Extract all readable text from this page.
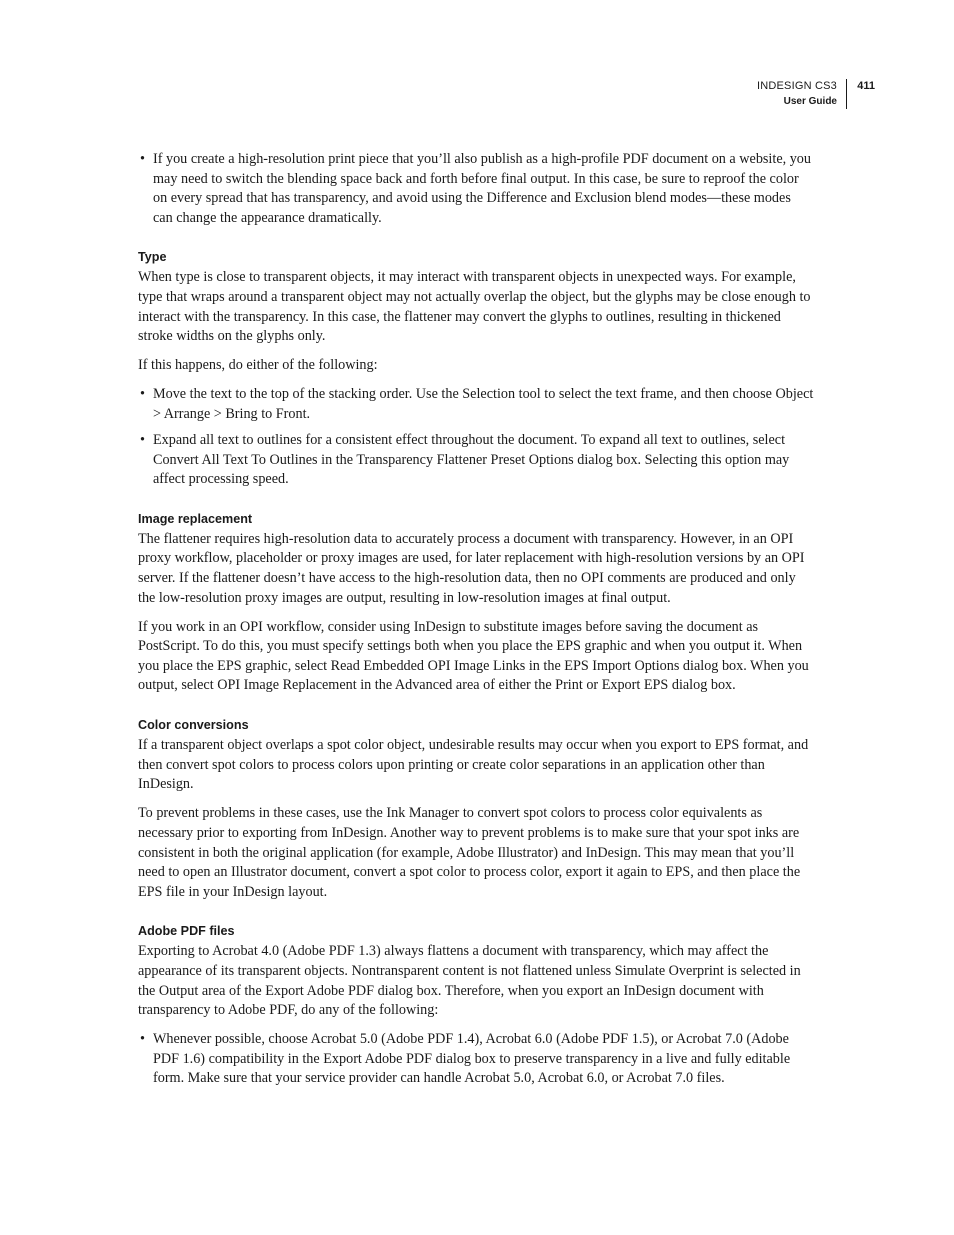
INDESIGN CS3
User Guide
411
• If you create a high-resolution print piece that you’ll also publish as a high-profile PDF document on a website, you may need to switch the blending space back and forth before final output. In this case, be sure to reproof the color on every spread that has transparency, and avoid using the Difference and Exclusion blend modes—these modes can change the appearance dramatically.
Type

When type is close to transparent objects, it may interact with transparent objects in unexpected ways. For example, type that wraps around a transparent object may not actually overlap the object, but the glyphs may be close enough to interact with the transparency. In this case, the flattener may convert the glyphs to outlines, resulting in thickened stroke widths on the glyphs only.

If this happens, do either of the following:

• Move the text to the top of the stacking order. Use the Selection tool to select the text frame, and then choose Object > Arrange > Bring to Front.
• Expand all text to outlines for a consistent effect throughout the document. To expand all text to outlines, select Convert All Text To Outlines in the Transparency Flattener Preset Options dialog box. Selecting this option may affect processing speed.
Image replacement

The flattener requires high-resolution data to accurately process a document with transparency. However, in an OPI proxy workflow, placeholder or proxy images are used, for later replacement with high-resolution versions by an OPI server. If the flattener doesn’t have access to the high-resolution data, then no OPI comments are produced and only the low-resolution proxy images are output, resulting in low-resolution images at final output.

If you work in an OPI workflow, consider using InDesign to substitute images before saving the document as PostScript. To do this, you must specify settings both when you place the EPS graphic and when you output it. When you place the EPS graphic, select Read Embedded OPI Image Links in the EPS Import Options dialog box. When you output, select OPI Image Replacement in the Advanced area of either the Print or Export EPS dialog box.

Color conversions

If a transparent object overlaps a spot color object, undesirable results may occur when you export to EPS format, and then convert spot colors to process colors upon printing or create color separations in an application other than InDesign.

To prevent problems in these cases, use the Ink Manager to convert spot colors to process color equivalents as necessary prior to exporting from InDesign. Another way to prevent problems is to make sure that your spot inks are consistent in both the original application (for example, Adobe Illustrator) and InDesign. This may mean that you’ll need to open an Illustrator document, convert a spot color to process color, export it again to EPS, and then place the EPS file in your InDesign layout.

Adobe PDF files

Exporting to Acrobat 4.0 (Adobe PDF 1.3) always flattens a document with transparency, which may affect the appearance of its transparent objects. Nontransparent content is not flattened unless Simulate Overprint is selected in the Output area of the Export Adobe PDF dialog box. Therefore, when you export an InDesign document with transparency to Adobe PDF, do any of the following:

• Whenever possible, choose Acrobat 5.0 (Adobe PDF 1.4), Acrobat 6.0 (Adobe PDF 1.5), or Acrobat 7.0 (Adobe PDF 1.6) compatibility in the Export Adobe PDF dialog box to preserve transparency in a live and fully editable form. Make sure that your service provider can handle Acrobat 5.0, Acrobat 6.0, or Acrobat 7.0 files.
